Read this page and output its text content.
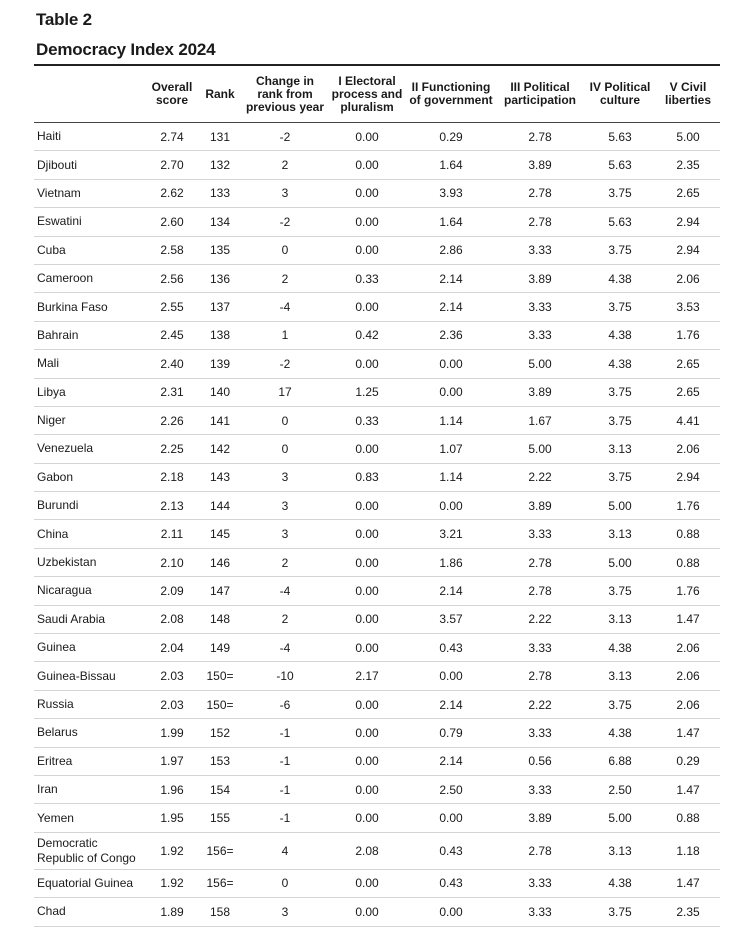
Table 2
Democracy Index 2024
	Overall
score	Rank	Change in
rank from
previous year	I Electoral
process and
pluralism	II Functioning
of government	III Political
participation	IV Political
culture	V Civil
liberties
Haiti	2.74	131	-2	0.00	0.29	2.78	5.63	5.00
Djibouti	2.70	132	2	0.00	1.64	3.89	5.63	2.35
Vietnam	2.62	133	3	0.00	3.93	2.78	3.75	2.65
Eswatini	2.60	134	-2	0.00	1.64	2.78	5.63	2.94
Cuba	2.58	135	0	0.00	2.86	3.33	3.75	2.94
Cameroon	2.56	136	2	0.33	2.14	3.89	4.38	2.06
Burkina Faso	2.55	137	-4	0.00	2.14	3.33	3.75	3.53
Bahrain	2.45	138	1	0.42	2.36	3.33	4.38	1.76
Mali	2.40	139	-2	0.00	0.00	5.00	4.38	2.65
Libya	2.31	140	17	1.25	0.00	3.89	3.75	2.65
Niger	2.26	141	0	0.33	1.14	1.67	3.75	4.41
Venezuela	2.25	142	0	0.00	1.07	5.00	3.13	2.06
Gabon	2.18	143	3	0.83	1.14	2.22	3.75	2.94
Burundi	2.13	144	3	0.00	0.00	3.89	5.00	1.76
China	2.11	145	3	0.00	3.21	3.33	3.13	0.88
Uzbekistan	2.10	146	2	0.00	1.86	2.78	5.00	0.88
Nicaragua	2.09	147	-4	0.00	2.14	2.78	3.75	1.76
Saudi Arabia	2.08	148	2	0.00	3.57	2.22	3.13	1.47
Guinea	2.04	149	-4	0.00	0.43	3.33	4.38	2.06
Guinea-Bissau	2.03	150=	-10	2.17	0.00	2.78	3.13	2.06
Russia	2.03	150=	-6	0.00	2.14	2.22	3.75	2.06
Belarus	1.99	152	-1	0.00	0.79	3.33	4.38	1.47
Eritrea	1.97	153	-1	0.00	2.14	0.56	6.88	0.29
Iran	1.96	154	-1	0.00	2.50	3.33	2.50	1.47
Yemen	1.95	155	-1	0.00	0.00	3.89	5.00	0.88
Democratic Republic of Congo	1.92	156=	4	2.08	0.43	2.78	3.13	1.18
Equatorial Guinea	1.92	156=	0	0.00	0.43	3.33	4.38	1.47
Chad	1.89	158	3	0.00	0.00	3.33	3.75	2.35
